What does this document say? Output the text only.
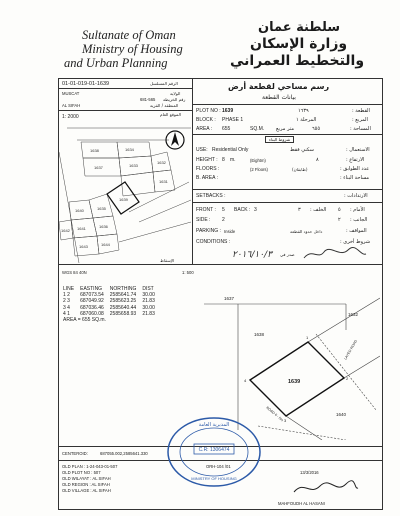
Sultanate of Oman
Ministry of Housing
and Urban Planning
سلطنة عمان
وزارة الإسكان
والتخطيط العمراني
01-01-019-01-1639	الرقم المسلسل
MUSCAT	الولاية
681-565 رقم الخريطة
AL SIFAH	المنطقة / القرية
الموقع العام
1: 2000
1638	1634
1637	1633
1632
1639
1631
1640	1635
1641	1636
1642
1643	1644
رسم مساحي لقطعة أرض
بيانات القطعة
PLOT NO : 1639	١٦٣٩	القطعة :
BLOCK : PHASE 1	المرحلة ١	المربع :
AREA : 655	SQ.M. متر مربع	٦٥٥	المساحة :
شروط البناء
USE: Residential Only	سكني فقط	الاستعمال :
HEIGHT : 8 m.	(Eightm)	٨	الارتفاع :
FLOORS :	(2 Floors)	(طابقان)	عدد الطوابق :
B. AREA :	مساحة البناء :
SETBACKS :	الارتدادات :
FRONT : 5 BACK : 3	٣ الخلف : ٥ الأمام :
SIDE : 2	٢ الجانب :
PARKING : Inside	داخل حدود القطعة	المواقف :
CONDITIONS :	شروط أخرى :
٢٠١٦/١٠/٣ صدر في
WGS 84 40N	1: 500
الإسقاط
LINE	EASTING	NORTHING	DIST
1 2	687073.54	2585641.74	30.00
2 3	687049.92	2585623.25	21.83
3 4	687036.46	2585640.44	30.00
4 1	687060.08	2585658.93	21.83
AREA = 655 SQ.m.			
1639
1637
1638
1632
1640
LAYED ROAD
ROAD 6 - 5m
1
2
3
4
CENTEROID:	687055.002,2585641.330
OLD PLAN : 1-24-043-01-507
OLD PLOT NO : 507
OLD WILAYAT : AL SIFAH
OLD REGION : AL SIFAH
OLD VILLAGE : AL SIFAH
المديرية العامة
C.R: 1306474
MINISTRY OF HOUSING
ORH-104 /01
13/3/2016
MAHFOUDH AL HASANI
